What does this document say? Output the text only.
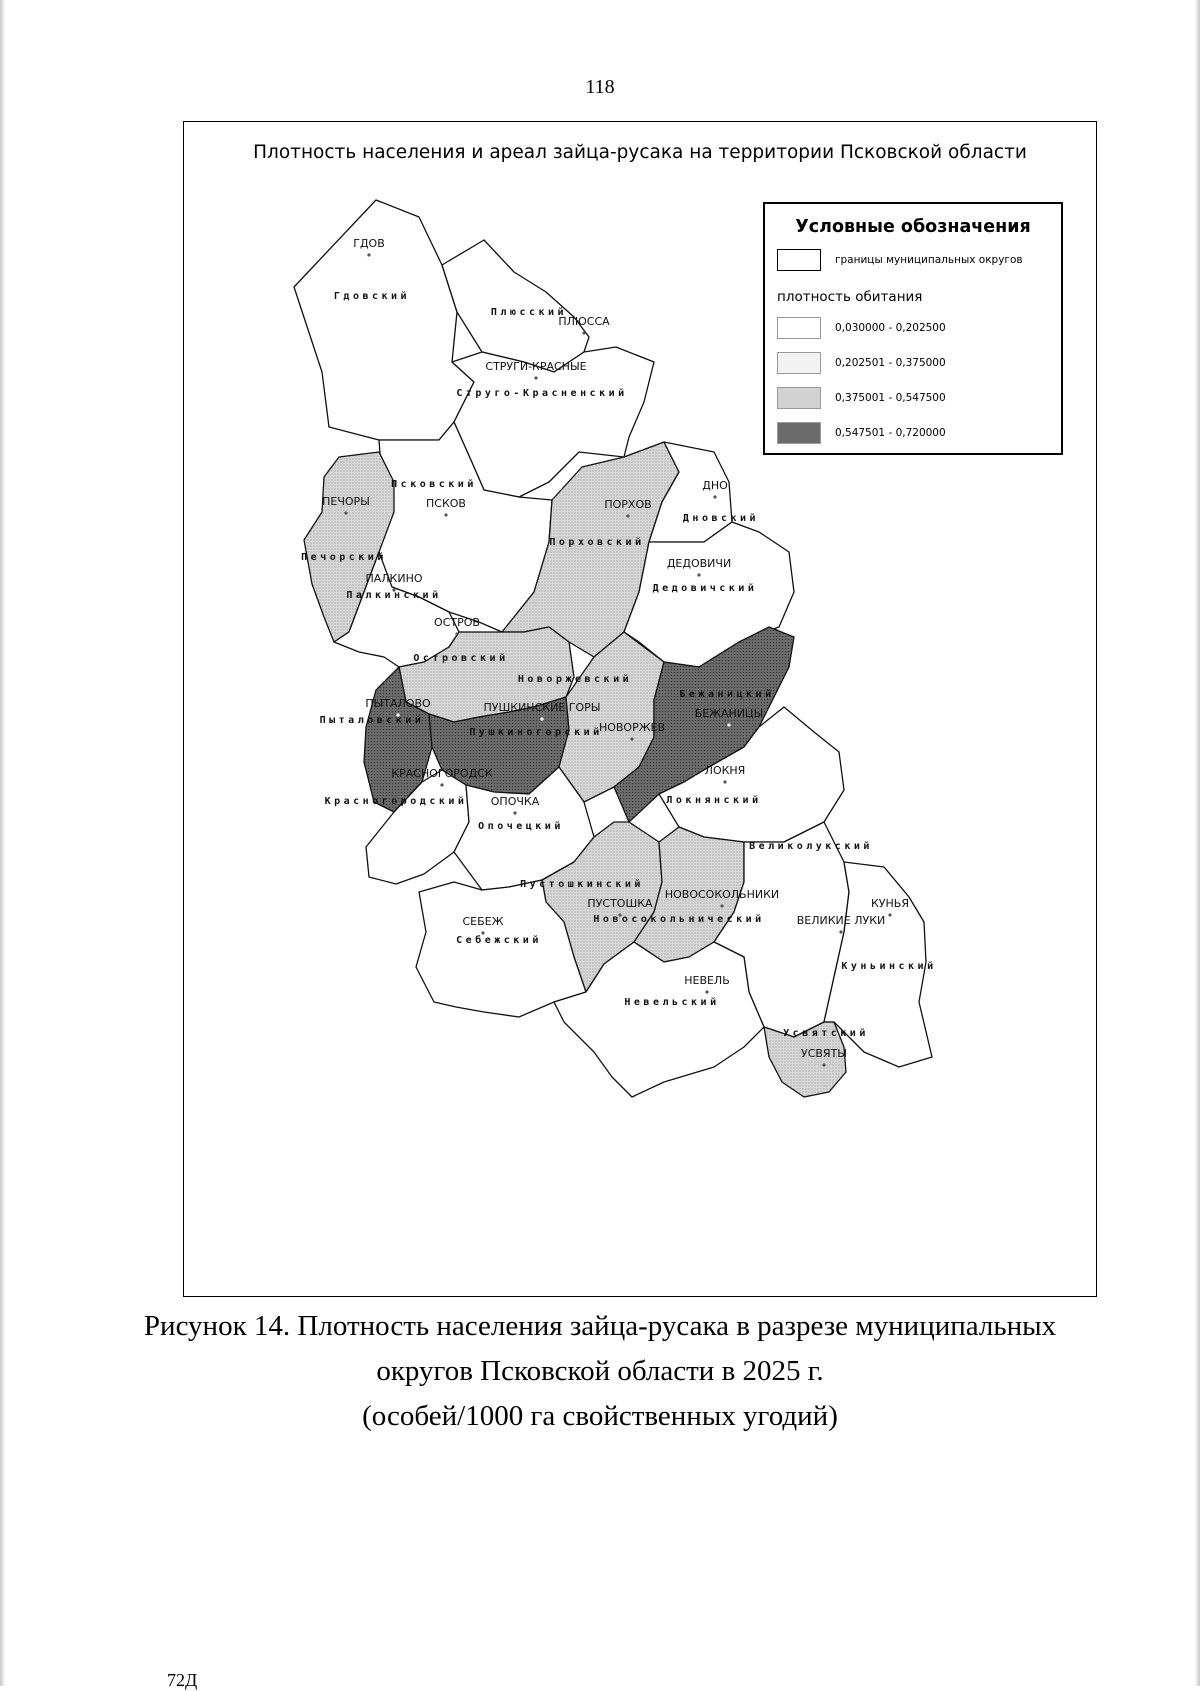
118
Плотность населения и ареал зайца-русака на территории Псковской области
ГДОВ
Гдовский
ПЛЮССА
Плюсский
СТРУГИ-КРАСНЫЕ
Струго-Красненский
ПСКОВ
Псковский
ПЕЧОРЫ
Печорский
ПАЛКИНО
Палкинский
ПОРХОВ
Порховский
ДНО
Дновский
ДЕДОВИЧИ
Дедовичский
ОСТРОВ
Островский
ПЫТАЛОВО
Пыталовский
ПУШКИНСКИЕ ГОРЫ
Пушкиногорский
НОВОРЖЕВ
Новоржевский
БЕЖАНИЦЫ
Бежаницкий
ЛОКНЯ
Локнянский
КРАСНОГОРОДСК
Красногородский ОПОЧКА
Опочецкий
ПУСТОШКА
Пустошкинский
НОВОСОКОЛЬНИКИ
Новосокольнический	ВЕЛИКИЕ ЛУКИ
Великолукский
КУНЬЯ
Куньинский
СЕБЕЖ
Себежский
НЕВЕЛЬ
Невельский
УСВЯТЫ
Усвятский
Условные обозначения
границы муниципальных округов
плотность обитания
0,030000 - 0,202500
0,202501 - 0,375000
0,375001 - 0,547500
0,547501 - 0,720000
Рисунок 14. Плотность населения зайца-русака в разрезе муниципальных
округов Псковской области в 2025 г.
(особей/1000 га свойственных угодий)
72Д
